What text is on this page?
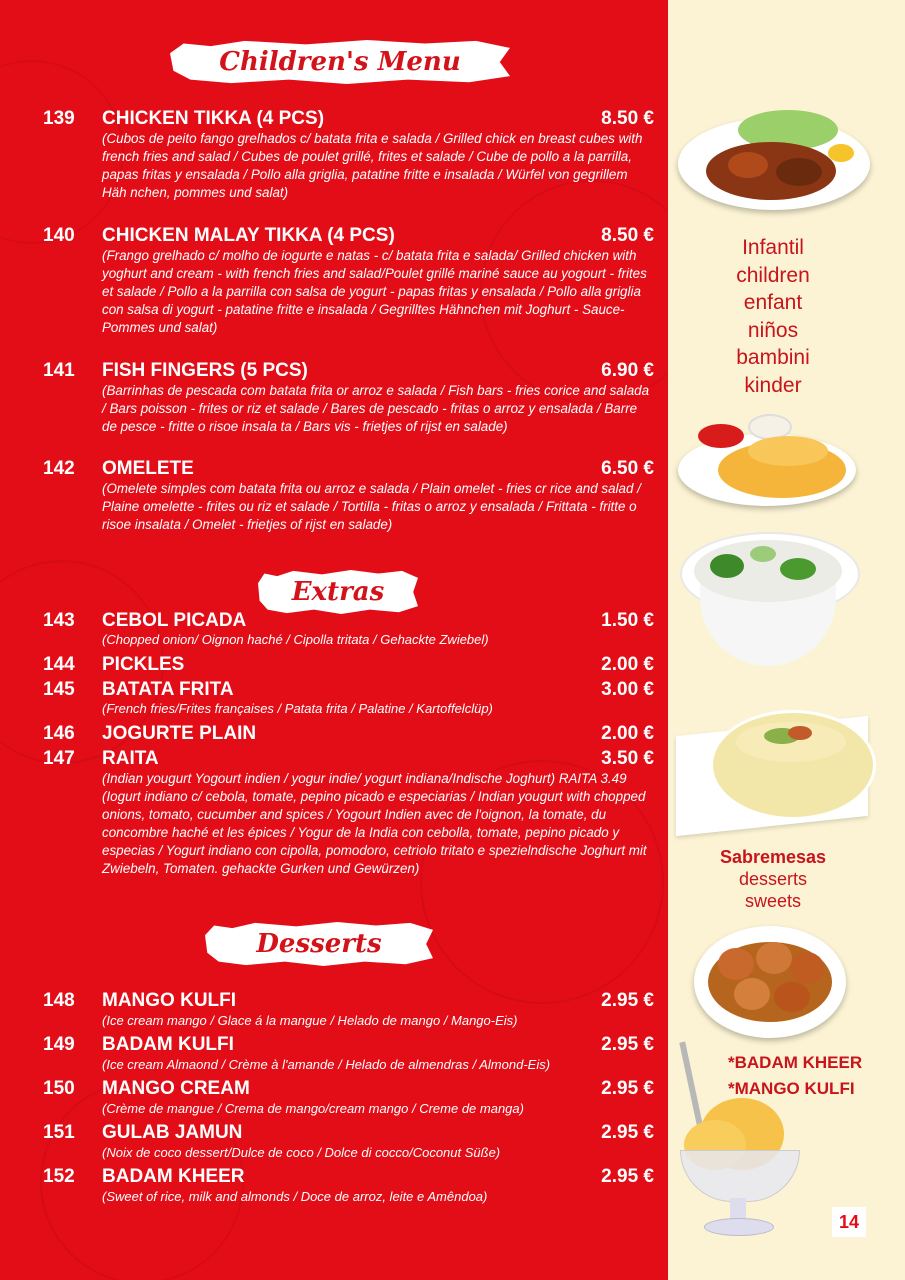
Children's Menu
Extras
Desserts
139 CHICKEN TIKKA (4 PCS)	8.50 €
(Cubos de peito fango grelhados c/ batata frita e salada / Grilled chick en breast cubes with french fries and salad / Cubes de poulet grillé, frites et salade / Cube de pollo a la parrilla, papas fritas y ensalada / Pollo alla griglia, patatine fritte e insalada / Würfel von gegrillem Häh nchen, pommes und salat)
140 CHICKEN MALAY TIKKA (4 PCS)	8.50 €
(Frango grelhado c/ molho de iogurte e natas - c/ batata frita e salada/ Grilled chicken with yoghurt and cream - with french fries and salad/Poulet grillé mariné sauce au yogourt - frites et salade / Pollo a la parrilla con salsa de yogurt - papas fritas y ensalada / Pollo alla griglia con salsa di yogurt - patatine fritte e insalada / Gegrilltes Hähnchen mit Joghurt - Sauce- Pommes und salat)
141 FISH FINGERS (5 PCS)	6.90 €
(Barrinhas de pescada com batata frita or arroz e salada / Fish bars - fries corice and salada / Bars poisson - frites or riz et salade / Bares de pescado - fritas o arroz y ensalada / Barre de pesce - fritte o risoe insala ta / Bars vis - frietjes of rijst en salade)
142 OMELETE	6.50 €
(Omelete simples com batata frita ou arroz e salada / Plain omelet - fries cr rice and salad / Plaine omelette - frites ou riz et salade / Tortilla - fritas o arroz y ensalada / Frittata - fritte o risoe insalata / Omelet - frietjes of rijst en salade)
143 CEBOL PICADA	1.50 €
(Chopped onion/ Oignon haché / Cipolla tritata / Gehackte Zwiebel)
144 PICKLES	2.00 €
145 BATATA FRITA	3.00 €
(French fries/Frites françaises / Patata frita / Palatine / Kartoffelclüp)
146 JOGURTE PLAIN	2.00 €
147 RAITA	3.50 €
(Indian yougurt Yogourt indien / yogur indie/ yogurt indiana/Indische Joghurt) RAITA 3.49 (Iogurt indiano c/ cebola, tomate, pepino picado e especiarias / Indian yougurt with chopped onions, tomato, cucumber and spices / Yogourt Indien avec de l'oignon, la tomate, du concombre haché et les épices / Yogur de la India con cebolla, tomate, pepino picado y especias / Yogurt indiano con cipolla, pomodoro, cetriolo tritato e spezielndische Joghurt mit Zwiebeln, Tomaten. gehackte Gurken und Gewürzen)
148 MANGO KULFI	2.95 €
(Ice cream mango / Glace á la mangue / Helado de mango / Mango-Eis)
149 BADAM KULFI	2.95 €
(Ice cream Almaond / Crème à l'amande / Helado de almendras / Almond-Eis)
150 MANGO CREAM	2.95 €
(Crème de mangue / Crema de mango/cream mango / Creme de manga)
151 GULAB JAMUN	2.95 €
(Noix de coco dessert/Dulce de coco / Dolce di cocco/Coconut Süße)
152 BADAM KHEER	2.95 €
(Sweet of rice, milk and almonds / Doce de arroz, leite e Amêndoa)
Infantil
children
enfant
niños
bambini
kinder
Sabremesas
desserts
sweets
*BADAM KHEER
*MANGO KULFI
14
